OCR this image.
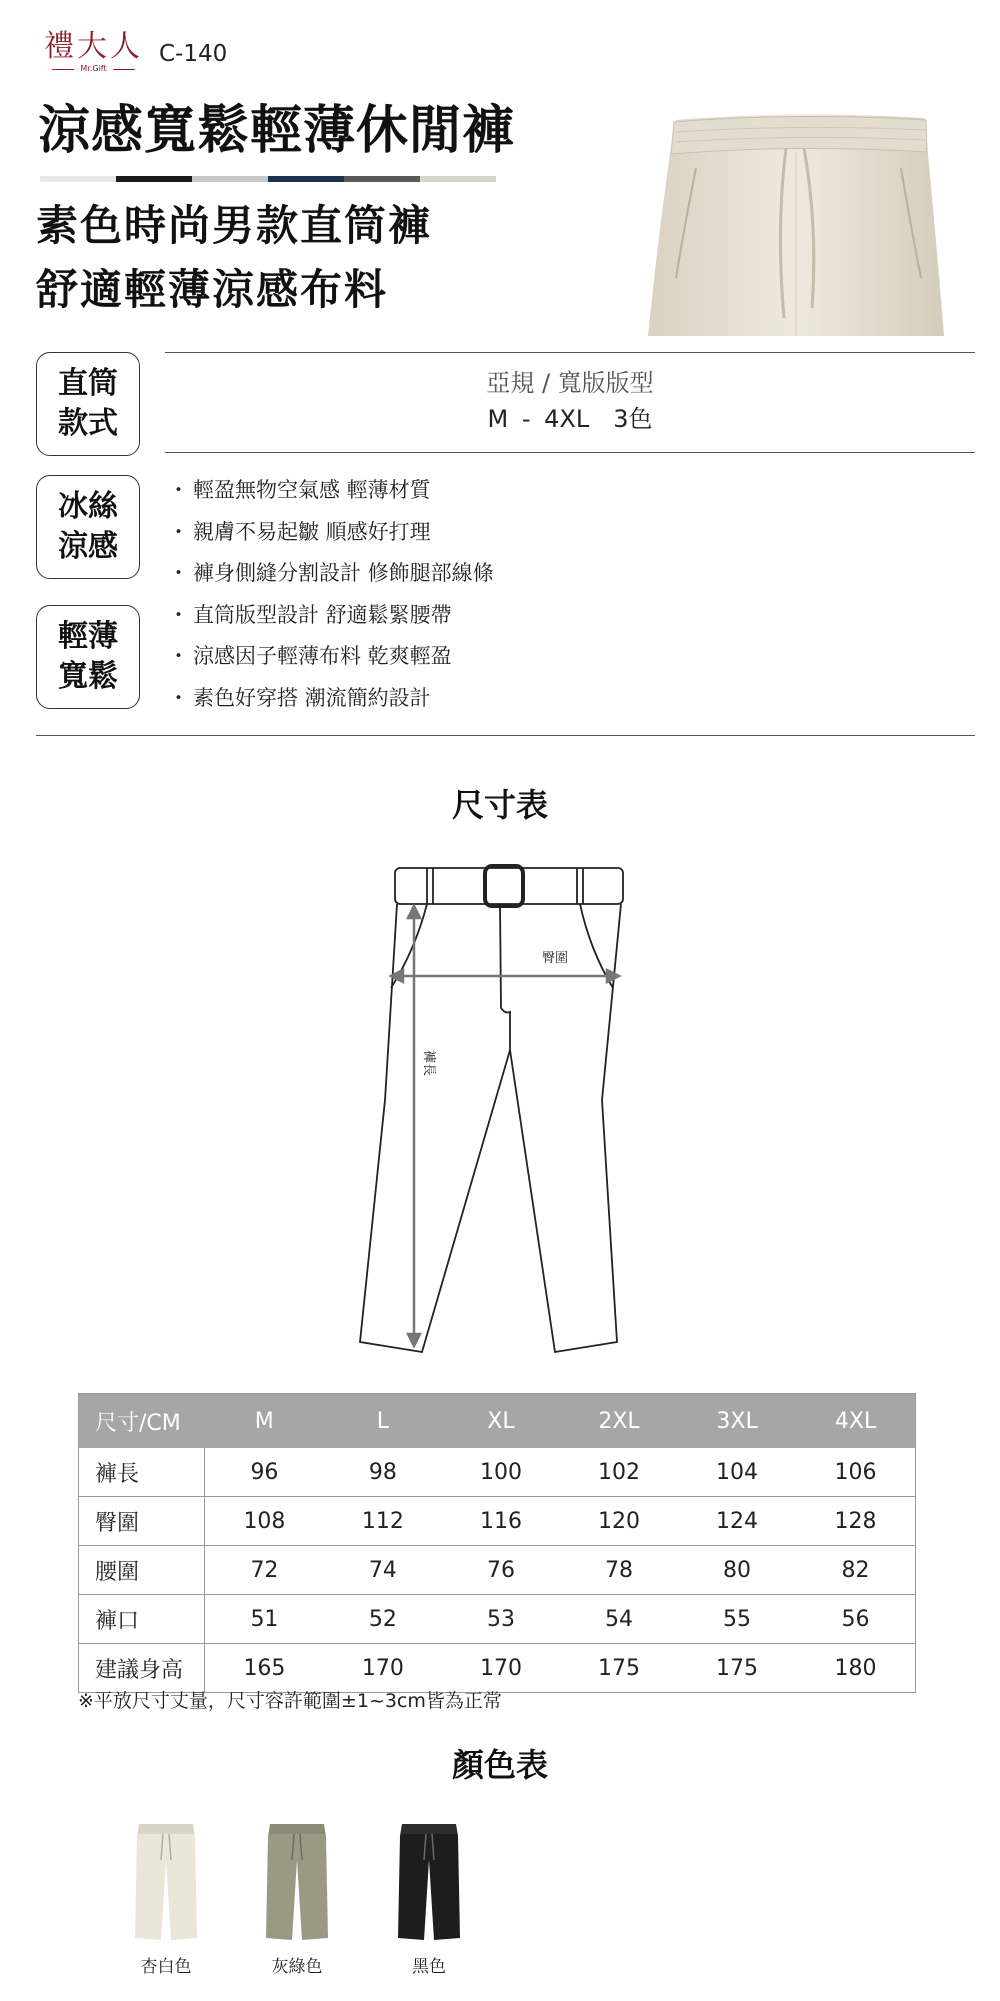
禮大人
Mr.Gift
C-140
涼感寬鬆輕薄休閒褲
素色時尚男款直筒褲
舒適輕薄涼感布料
直筒
款式
冰絲
涼感
輕薄
寬鬆
亞規 / 寬版版型
M - 4XL　3色
・ 輕盈無物空氣感 輕薄材質
・ 親膚不易起皺 順感好打理
・ 褲身側縫分割設計 修飾腿部線條
・ 直筒版型設計 舒適鬆緊腰帶
・ 涼感因子輕薄布料 乾爽輕盈
・ 素色好穿搭 潮流簡約設計
尺寸表
臀圍
褲長
尺寸/CM	M	L	XL	2XL	3XL	4XL
褲長	96	98	100	102	104	106
臀圍	108	112	116	120	124	128
腰圍	72	74	76	78	80	82
褲口	51	52	53	54	55	56
建議身高	165	170	170	175	175	180
※平放尺寸丈量，尺寸容許範圍±1~3cm皆為正常
顏色表
杏白色	灰綠色	黑色
